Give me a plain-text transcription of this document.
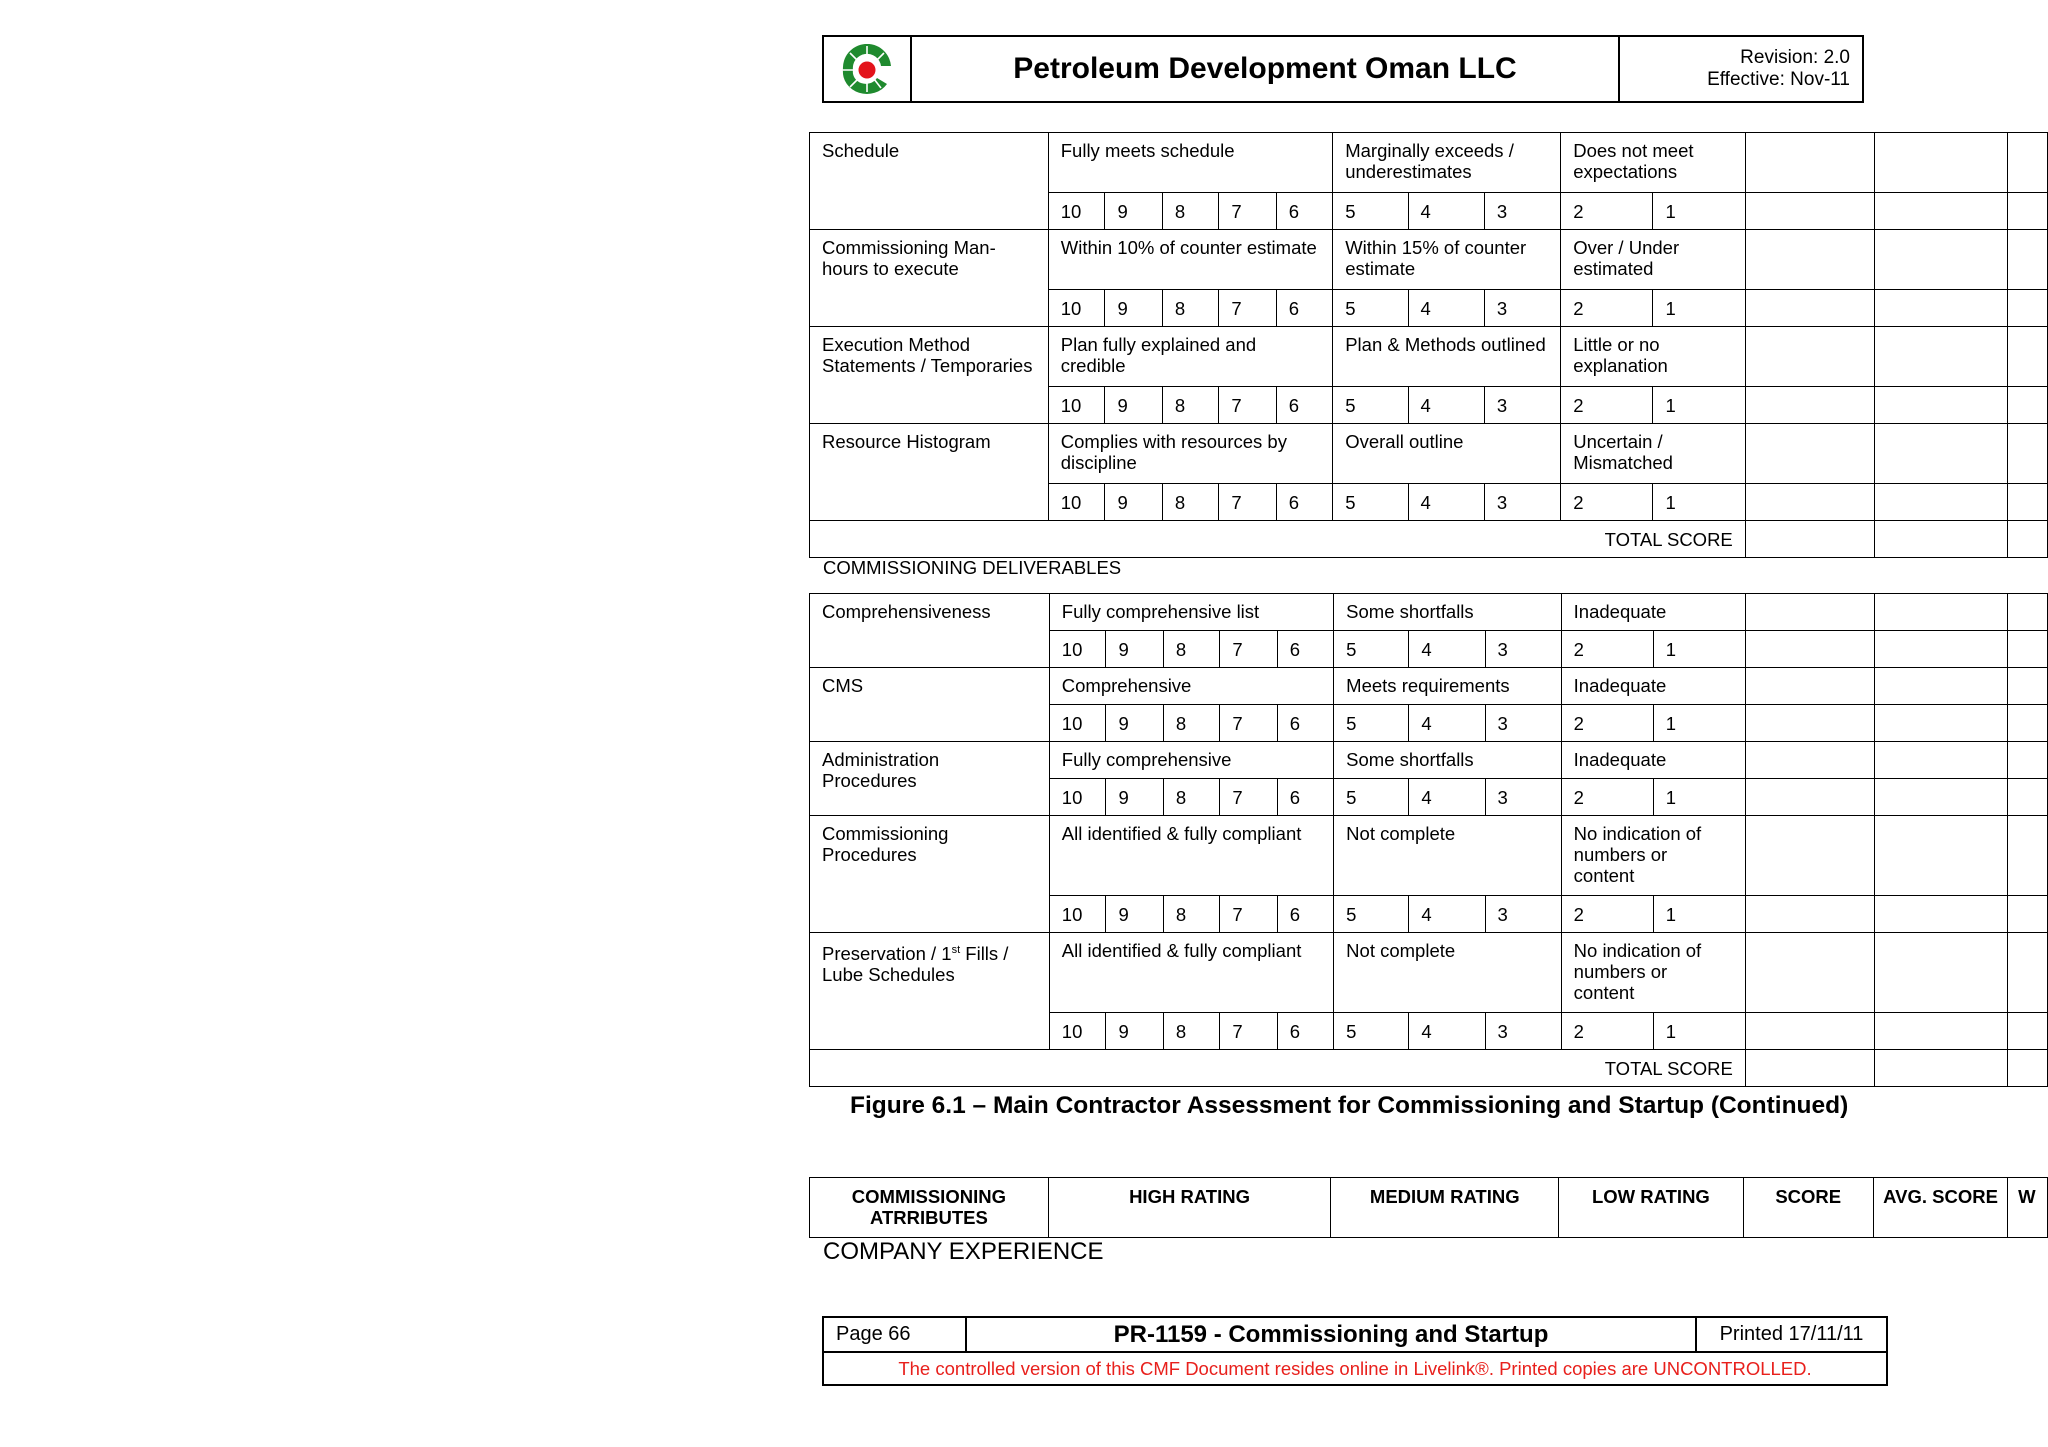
Petroleum Development Oman LLC	Revision: 2.0
Effective: Nov-11
Schedule	Fully meets schedule					Marginally exceeds / underestimates			Does not meet expectations				
	10	9	8	7	6	5	4	3	2	1			
Commissioning Man-hours to execute	Within 10% of counter estimate					Within 15% of counter estimate			Over / Under estimated				
	10	9	8	7	6	5	4	3	2	1			
Execution Method Statements / Temporaries	Plan fully explained and credible					Plan & Methods outlined			Little or no explanation				
	10	9	8	7	6	5	4	3	2	1			
Resource Histogram	Complies with resources by discipline					Overall outline			Uncertain / Mismatched				
	10	9	8	7	6	5	4	3	2	1			
TOTAL SCORE													
COMMISSIONING DELIVERABLES
Comprehensiveness	Fully comprehensive list					Some shortfalls			Inadequate				
	10	9	8	7	6	5	4	3	2	1			
CMS	Comprehensive					Meets requirements			Inadequate				
	10	9	8	7	6	5	4	3	2	1			
Administration Procedures	Fully comprehensive					Some shortfalls			Inadequate				
	10	9	8	7	6	5	4	3	2	1			
Commissioning Procedures	All identified & fully compliant					Not complete			No indication of numbers or content				
	10	9	8	7	6	5	4	3	2	1			
Preservation / 1st Fills / Lube Schedules	All identified & fully compliant					Not complete			No indication of numbers or content				
	10	9	8	7	6	5	4	3	2	1			
TOTAL SCORE													
Figure 6.1 – Main Contractor Assessment for Commissioning and Startup (Continued)
COMMISSIONING ATRRIBUTES	HIGH RATING	MEDIUM RATING	LOW RATING	SCORE	AVG. SCORE	W
COMPANY EXPERIENCE
Page 66	PR-1159 - Commissioning and Startup	Printed 17/11/11
The controlled version of this CMF Document resides online in Livelink®. Printed copies are UNCONTROLLED.
